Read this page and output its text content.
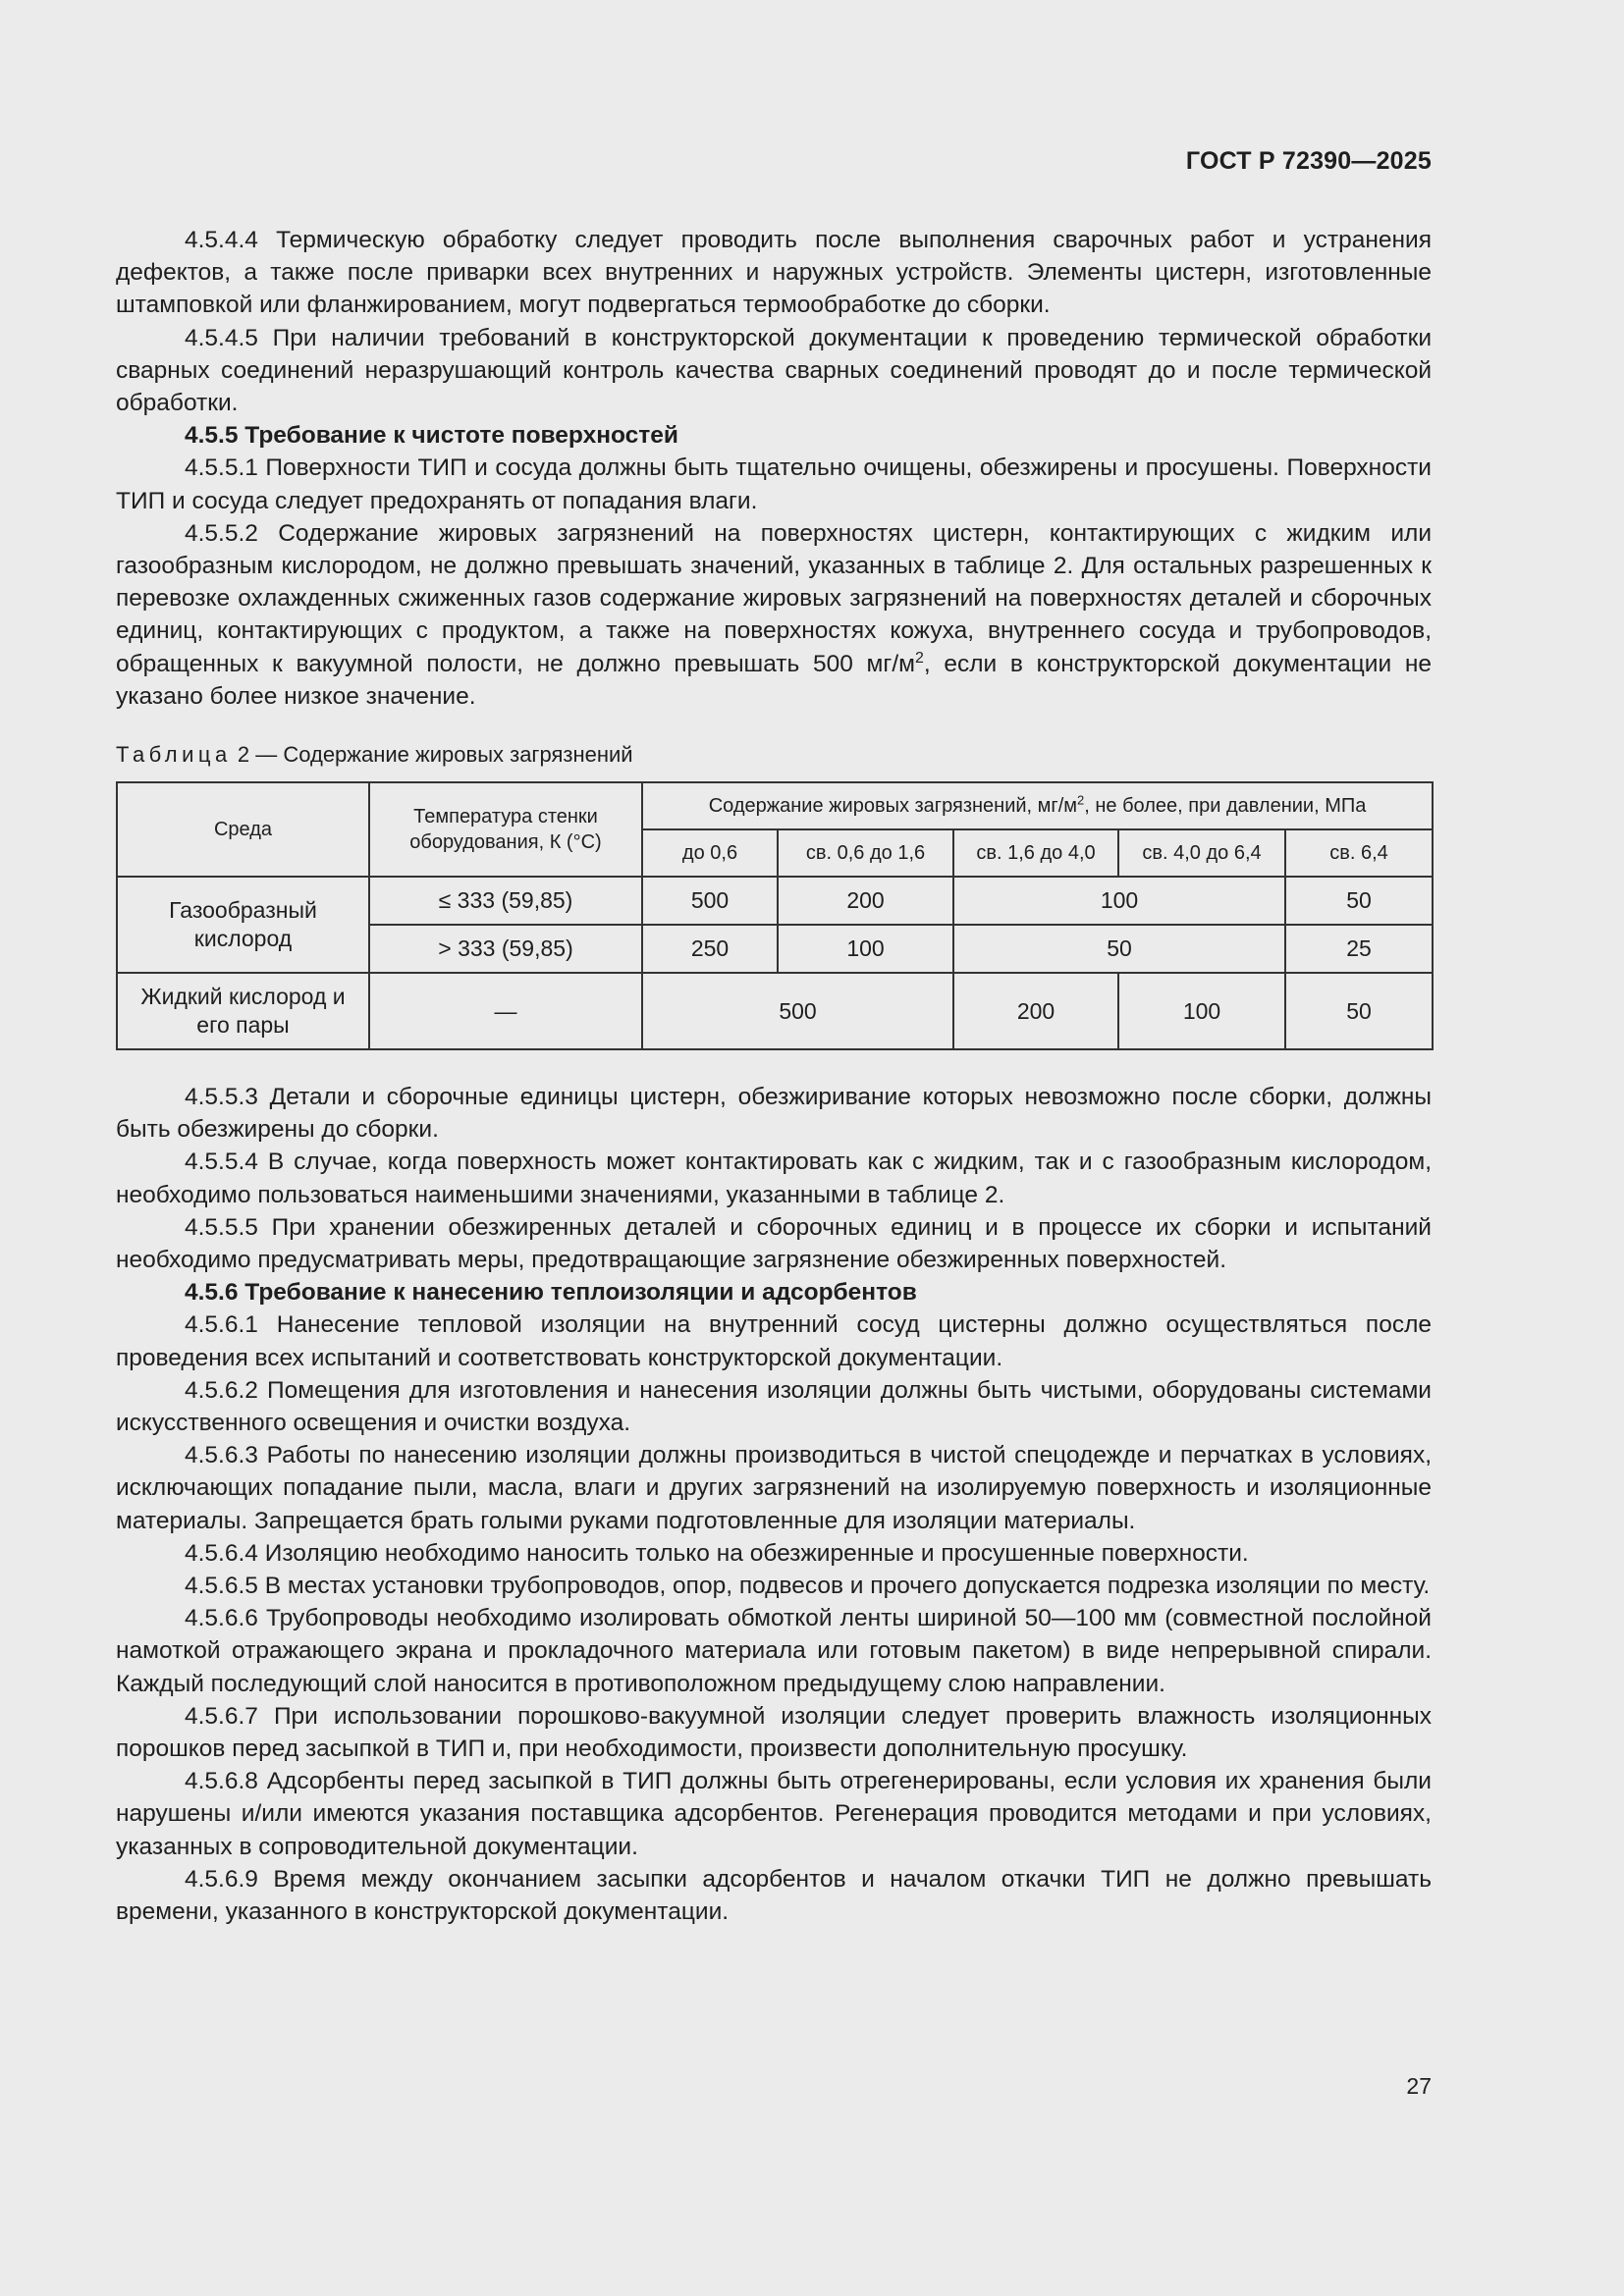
ГОСТ Р 72390—2025

4.5.4.4 Термическую обработку следует проводить после выполнения сварочных работ и устранения дефектов, а также после приварки всех внутренних и наружных устройств. Элементы цистерн, изготовленные штамповкой или фланжированием, могут подвергаться термообработке до сборки.

4.5.4.5 При наличии требований в конструкторской документации к проведению термической обработки сварных соединений неразрушающий контроль качества сварных соединений проводят до и после термической обработки.

4.5.5 Требование к чистоте поверхностей

4.5.5.1 Поверхности ТИП и сосуда должны быть тщательно очищены, обезжирены и просушены. Поверхности ТИП и сосуда следует предохранять от попадания влаги.

4.5.5.2 Содержание жировых загрязнений на поверхностях цистерн, контактирующих с жидким или газообразным кислородом, не должно превышать значений, указанных в таблице 2. Для остальных разрешенных к перевозке охлажденных сжиженных газов содержание жировых загрязнений на поверхностях деталей и сборочных единиц, контактирующих с продуктом, а также на поверхностях кожуха, внутреннего сосуда и трубопроводов, обращенных к вакуумной полости, не должно превышать 500 $мг/м^2$, если в конструкторской документации не указано более низкое значение.

Таблица 2 — Содержание жировых загрязнений
Среда	Температура стенки оборудования, К (°С)	Содержание жировых загрязнений, $мг/м^2$, не более, при давлении, МПа				
		до 0,6	св. 0,6 до 1,6	св. 1,6 до 4,0	св. 4,0 до 6,4	св. 6,4
Газообразный кислород	≤ 333 (59,85)	500	200	100		50
	> 333 (59,85)	250	100	50		25
Жидкий кислород и его пары	—	500		200	100	50

4.5.5.3 Детали и сборочные единицы цистерн, обезжиривание которых невозможно после сборки, должны быть обезжирены до сборки.

4.5.5.4 В случае, когда поверхность может контактировать как с жидким, так и с газообразным кислородом, необходимо пользоваться наименьшими значениями, указанными в таблице 2.

4.5.5.5 При хранении обезжиренных деталей и сборочных единиц и в процессе их сборки и испытаний необходимо предусматривать меры, предотвращающие загрязнение обезжиренных поверхностей.

4.5.6 Требование к нанесению теплоизоляции и адсорбентов

4.5.6.1 Нанесение тепловой изоляции на внутренний сосуд цистерны должно осуществляться после проведения всех испытаний и соответствовать конструкторской документации.

4.5.6.2 Помещения для изготовления и нанесения изоляции должны быть чистыми, оборудованы системами искусственного освещения и очистки воздуха.

4.5.6.3 Работы по нанесению изоляции должны производиться в чистой спецодежде и перчатках в условиях, исключающих попадание пыли, масла, влаги и других загрязнений на изолируемую поверхность и изоляционные материалы. Запрещается брать голыми руками подготовленные для изоляции материалы.

4.5.6.4 Изоляцию необходимо наносить только на обезжиренные и просушенные поверхности.

4.5.6.5 В местах установки трубопроводов, опор, подвесов и прочего допускается подрезка изоляции по месту.

4.5.6.6 Трубопроводы необходимо изолировать обмоткой ленты шириной 50—100 мм (совместной послойной намоткой отражающего экрана и прокладочного материала или готовым пакетом) в виде непрерывной спирали. Каждый последующий слой наносится в противоположном предыдущему слою направлении.

4.5.6.7 При использовании порошково-вакуумной изоляции следует проверить влажность изоляционных порошков перед засыпкой в ТИП и, при необходимости, произвести дополнительную просушку.

4.5.6.8 Адсорбенты перед засыпкой в ТИП должны быть отрегенерированы, если условия их хранения были нарушены и/или имеются указания поставщика адсорбентов. Регенерация проводится методами и при условиях, указанных в сопроводительной документации.

4.5.6.9 Время между окончанием засыпки адсорбентов и началом откачки ТИП не должно превышать времени, указанного в конструкторской документации.

27
